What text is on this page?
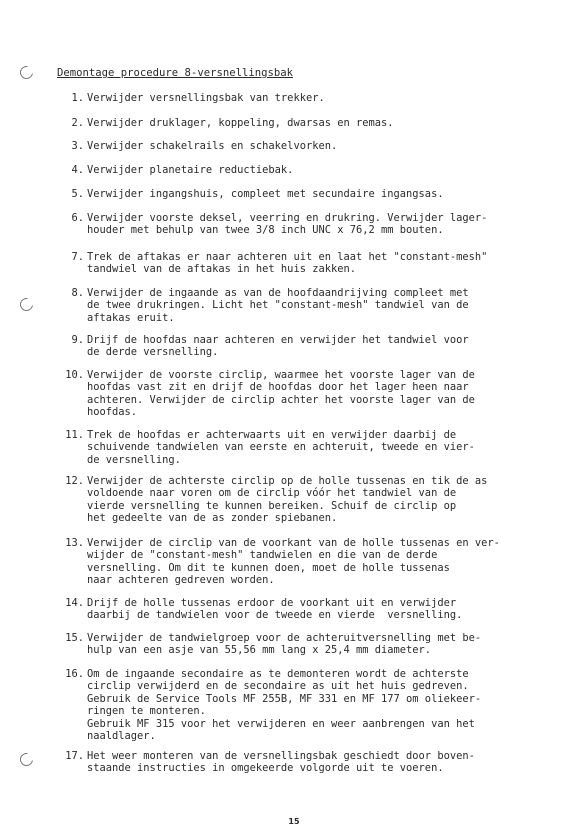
Demontage procedure 8-versnellingsbak
1. Verwijder versnellingsbak van trekker.
2. Verwijder druklager, koppeling, dwarsas en remas.
3. Verwijder schakelrails en schakelvorken.
4. Verwijder planetaire reductiebak.
5. Verwijder ingangshuis, compleet met secundaire ingangsas.
6. Verwijder voorste deksel, veerring en drukring. Verwijder lager-
houder met behulp van twee 3/8 inch UNC x 76,2 mm bouten.
7. Trek de aftakas er naar achteren uit en laat het "constant-mesh"
tandwiel van de aftakas in het huis zakken.
8. Verwijder de ingaande as van de hoofdaandrijving compleet met
de twee drukringen. Licht het "constant-mesh" tandwiel van de
aftakas eruit.
9. Drijf de hoofdas naar achteren en verwijder het tandwiel voor
de derde versnelling.
10. Verwijder de voorste circlip, waarmee het voorste lager van de
hoofdas vast zit en drijf de hoofdas door het lager heen naar
achteren. Verwijder de circlip achter het voorste lager van de
hoofdas.
11. Trek de hoofdas er achterwaarts uit en verwijder daarbij de
schuivende tandwielen van eerste en achteruit, tweede en vier-
de versnelling.
12. Verwijder de achterste circlip op de holle tussenas en tik de as
voldoende naar voren om de circlip vóór het tandwiel van de
vierde versnelling te kunnen bereiken. Schuif de circlip op
het gedeelte van de as zonder spiebanen.
13. Verwijder de circlip van de voorkant van de holle tussenas en ver-
wijder de "constant-mesh" tandwielen en die van de derde
versnelling. Om dit te kunnen doen, moet de holle tussenas
naar achteren gedreven worden.
14. Drijf de holle tussenas erdoor de voorkant uit en verwijder
daarbij de tandwielen voor de tweede en vierde  versnelling.
15. Verwijder de tandwielgroep voor de achteruitversnelling met be-
hulp van een asje van 55,56 mm lang x 25,4 mm diameter.
16. Om de ingaande secondaire as te demonteren wordt de achterste
circlip verwijderd en de secondaire as uit het huis gedreven.
Gebruik de Service Tools MF 255B, MF 331 en MF 177 om oliekeer-
ringen te monteren.
Gebruik MF 315 voor het verwijderen en weer aanbrengen van het
naaldlager.
17. Het weer monteren van de versnellingsbak geschiedt door boven-
staande instructies in omgekeerde volgorde uit te voeren.
15
